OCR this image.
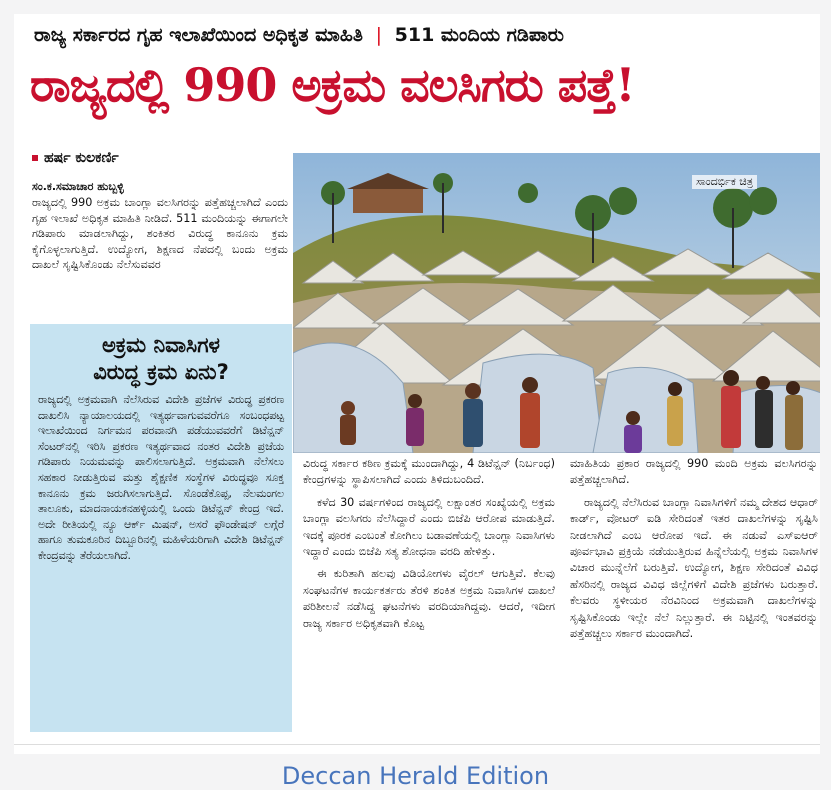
ರಾಜ್ಯ ಸರ್ಕಾರದ ಗೃಹ ಇಲಾಖೆಯಿಂದ ಅಧಿಕೃತ ಮಾಹಿತಿ | 511 ಮಂದಿಯ ಗಡಿಪಾರು
ರಾಜ್ಯದಲ್ಲಿ 990 ಅಕ್ರಮ ವಲಸಿಗರು ಪತ್ತೆ!
ಹರ್ಷ ಕುಲಕರ್ಣಿ
ಸಂ.ಕ.ಸಮಾಚಾರ ಹುಬ್ಬಳ್ಳಿ

ರಾಜ್ಯದಲ್ಲಿ 990 ಅಕ್ರಮ ಬಾಂಗ್ಲಾ ವಲಸಿಗರನ್ನು ಪತ್ತೆಹಚ್ಚಲಾಗಿದೆ ಎಂದು ಗೃಹ ಇಲಾಖೆ ಅಧಿಕೃತ ಮಾಹಿತಿ ನೀಡಿದೆ. 511 ಮಂದಿಯನ್ನು ಈಗಾಗಲೇ ಗಡಿಪಾರು ಮಾಡಲಾಗಿದ್ದು, ಶಂಕಿತರ ವಿರುದ್ಧ ಕಾನೂನು ಕ್ರಮ ಕೈಗೊಳ್ಳಲಾಗುತ್ತಿದೆ. ಉದ್ಯೋಗ, ಶಿಕ್ಷಣದ ನೆಪದಲ್ಲಿ ಬಂದು ಅಕ್ರಮ ದಾಖಲೆ ಸೃಷ್ಟಿಸಿಕೊಂಡು ನೆಲೆಸುವವರ

ಅಕ್ರಮ ನಿವಾಸಿಗಳ
ವಿರುದ್ಧ ಕ್ರಮ ಏನು?

ರಾಜ್ಯದಲ್ಲಿ ಅಕ್ರಮವಾಗಿ ನೆಲೆಸಿರುವ ವಿದೇಶಿ ಪ್ರಜೆಗಳ ವಿರುದ್ಧ ಪ್ರಕರಣ ದಾಖಲಿಸಿ ನ್ಯಾಯಾಲಯದಲ್ಲಿ ಇತ್ಯರ್ಥವಾಗುವವರೆಗೂ ಸಂಬಂಧಪಟ್ಟ ಇಲಾಖೆಯಿಂದ ನಿರ್ಗಮನ ಪರವಾನಗಿ ಪಡೆಯುವವರೆಗೆ ಡಿಟೆನ್ಷನ್ ಸೆಂಟರ್‌ನಲ್ಲಿ ಇರಿಸಿ ಪ್ರಕರಣ ಇತ್ಯರ್ಥವಾದ ನಂತರ ವಿದೇಶಿ ಪ್ರಜೆಯ ಗಡಿಪಾರು ನಿಯಮವನ್ನು ಪಾಲಿಸಲಾಗುತ್ತಿದೆ. ಅಕ್ರಮವಾಗಿ ನೆಲೆಸಲು ಸಹಕಾರ ನೀಡುತ್ತಿರುವ ಮತ್ತು ಶೈಕ್ಷಣಿಕ ಸಂಸ್ಥೆಗಳ ವಿರುದ್ಧವೂ ಸೂಕ್ತ ಕಾನೂನು ಕ್ರಮ ಜರುಗಿಸಲಾಗುತ್ತಿದೆ. ಸೊಂಡೆಕೊಪ್ಪ, ನೆಲಮಂಗಲ ತಾಲೂಕು, ಮಾದನಾಯಕನಹಳ್ಳಿಯಲ್ಲಿ ಒಂದು ಡಿಟೆನ್ಷನ್ ಕೇಂದ್ರ ಇದೆ. ಅದೇ ರೀತಿಯಲ್ಲಿ ನ್ಯೂ ಆರ್ಕ್ ಮಿಷನ್, ಅಸರೆ ಫೌಂಡೇಷನ್ ಲಗ್ಗೆರೆ ಹಾಗೂ ತುಮಕೂರಿನ ದಿಬ್ಬೂರಿನಲ್ಲಿ ಮಹಿಳೆಯರಿಗಾಗಿ ವಿದೇಶಿ ಡಿಟೆನ್ಷನ್ ಕೇಂದ್ರವನ್ನು ತೆರೆಯಲಾಗಿದೆ.

ಸಾಂದರ್ಭಿಕ ಚಿತ್ರ

ವಿರುದ್ಧ ಸರ್ಕಾರ ಕಠಿಣ ಕ್ರಮಕ್ಕೆ ಮುಂದಾಗಿದ್ದು, 4 ಡಿಟೆನ್ಷನ್ (ನಿರ್ಬಂಧ) ಕೇಂದ್ರಗಳನ್ನು ಸ್ಥಾಪಿಸಲಾಗಿದೆ ಎಂದು ತಿಳಿದುಬಂದಿದೆ.

ಕಳೆದ 30 ವರ್ಷಗಳಿಂದ ರಾಜ್ಯದಲ್ಲಿ ಲಕ್ಷಾಂತರ ಸಂಖ್ಯೆಯಲ್ಲಿ ಅಕ್ರಮ ಬಾಂಗ್ಲಾ ವಲಸಿಗರು ನೆಲೆಸಿದ್ದಾರೆ ಎಂದು ಬಿಜೆಪಿ ಆರೋಪ ಮಾಡುತ್ತಿದೆ. ಇದಕ್ಕೆ ಪೂರಕ ಎಂಬಂತೆ ಕೋಗಿಲು ಬಡಾವಣೆಯಲ್ಲಿ ಬಾಂಗ್ಲಾ ನಿವಾಸಿಗಳು ಇದ್ದಾರೆ ಎಂದು ಬಿಜೆಪಿ ಸತ್ಯ ಶೋಧನಾ ವರದಿ ಹೇಳಿತ್ತು.

ಈ ಕುರಿತಾಗಿ ಹಲವು ವಿಡಿಯೋಗಳು ವೈರಲ್ ಆಗುತ್ತಿವೆ. ಕೆಲವು ಸಂಘಟನೆಗಳ ಕಾರ್ಯಕರ್ತರು ತೆರಳಿ ಶಂಕಿತ ಅಕ್ರಮ ನಿವಾಸಿಗಳ ದಾಖಲೆ ಪರಿಶೀಲನೆ ನಡೆಸಿದ್ದ ಘಟನೆಗಳು ವರದಿಯಾಗಿದ್ದವು. ಆದರೆ, ಇದೀಗ ರಾಜ್ಯ ಸರ್ಕಾರ ಅಧಿಕೃತವಾಗಿ ಕೊಟ್ಟ

ಮಾಹಿತಿಯ ಪ್ರಕಾರ ರಾಜ್ಯದಲ್ಲಿ 990 ಮಂದಿ ಅಕ್ರಮ ವಲಸಿಗರನ್ನು ಪತ್ತೆಹಚ್ಚಲಾಗಿದೆ.

ರಾಜ್ಯದಲ್ಲಿ ನೆಲೆಸಿರುವ ಬಾಂಗ್ಲಾ ನಿವಾಸಿಗಳಿಗೆ ನಮ್ಮ ದೇಶದ ಆಧಾರ್ ಕಾರ್ಡ್, ವೋಟರ್ ಐಡಿ ಸೇರಿದಂತೆ ಇತರ ದಾಖಲೆಗಳನ್ನು ಸೃಷ್ಟಿಸಿ ನೀಡಲಾಗಿದೆ ಎಂಬ ಆರೋಪ ಇದೆ. ಈ ನಡುವೆ ಎಸ್‌ಐಆರ್ ಪೂರ್ವಭಾವಿ ಪ್ರಕ್ರಿಯೆ ನಡೆಯುತ್ತಿರುವ ಹಿನ್ನೆಲೆಯಲ್ಲಿ ಅಕ್ರಮ ನಿವಾಸಿಗಳ ವಿಚಾರ ಮುನ್ನೆಲೆಗೆ ಬರುತ್ತಿವೆ. ಉದ್ಯೋಗ, ಶಿಕ್ಷಣ ಸೇರಿದಂತೆ ವಿವಿಧ ಹೆಸರಿನಲ್ಲಿ ರಾಜ್ಯದ ವಿವಿಧ ಜಿಲ್ಲೆಗಳಿಗೆ ವಿದೇಶಿ ಪ್ರಜೆಗಳು ಬರುತ್ತಾರೆ. ಕೆಲವರು ಸ್ಥಳೀಯರ ನೆರವಿನಿಂದ ಅಕ್ರಮವಾಗಿ ದಾಖಲೆಗಳನ್ನು ಸೃಷ್ಟಿಸಿಕೊಂಡು ಇಲ್ಲೇ ನೆಲೆ ನಿಲ್ಲುತ್ತಾರೆ. ಈ ನಿಟ್ಟಿನಲ್ಲಿ ಇಂತವರನ್ನು ಪತ್ತೆಹಚ್ಚಲು ಸರ್ಕಾರ ಮುಂದಾಗಿದೆ.

Deccan Herald Edition
